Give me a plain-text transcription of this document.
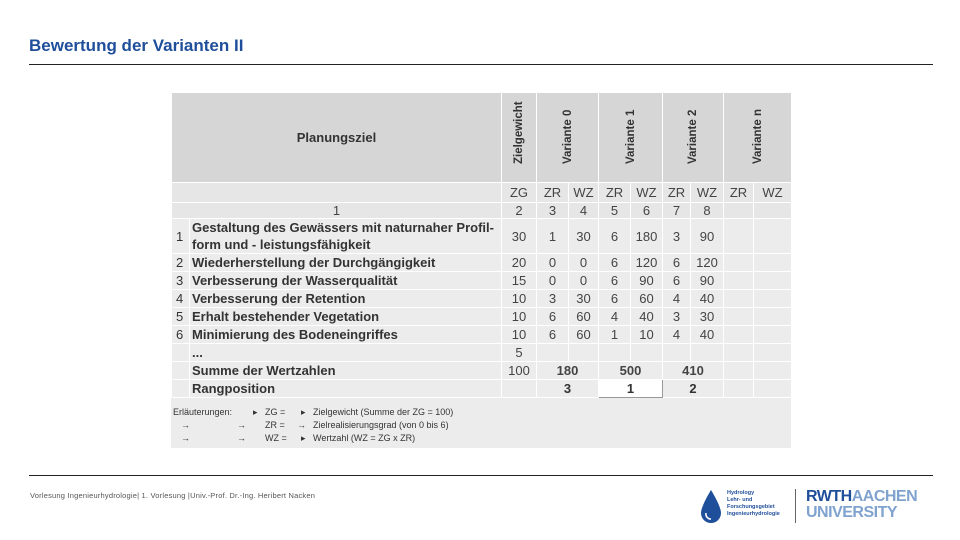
Bewertung der Varianten II
Planungsziel		Zielgewicht	Variante 0		Variante 1		Variante 2		Variante n	

		ZG	ZR	WZ	ZR	WZ	ZR	WZ	ZR	WZ
1		2	3	4	5	6	7	8		
1	Gestaltung des Gewässers mit naturnaher Profil-form und - leistungsfähigkeit	30	1	30	6	180	3	90		
2	Wiederherstellung der Durchgängigkeit	20	0	0	6	120	6	120		
3	Verbesserung der Wasserqualität	15	0	0	6	90	6	90		
4	Verbesserung der Retention	10	3	30	6	60	4	40		
5	Erhalt bestehender Vegetation	10	6	60	4	40	3	30		
6	Minimierung des Bodeneingriffes	10	6	60	1	10	4	40		
	...	5								
	Summe der Wertzahlen	100	180		500		410			
	Rangposition		3		1		2			
Erläuterungen: ▸ ZG = ▸ Zielgewicht (Summe der ZG = 100)
→	→ ZR = → Zielrealisierungsgrad (von 0 bis 6)
→	→ WZ = ▸ Wertzahl (WZ = ZG x ZR)
Vorlesung Ingenieurhydrologie| 1. Vorlesung |Univ.-Prof. Dr.-Ing. Heribert Nacken	Hydrology
Lehr- und
Forschungsgebiet
Ingenieurhydrologie
RWTHAACHEN
UNIVERSITY
